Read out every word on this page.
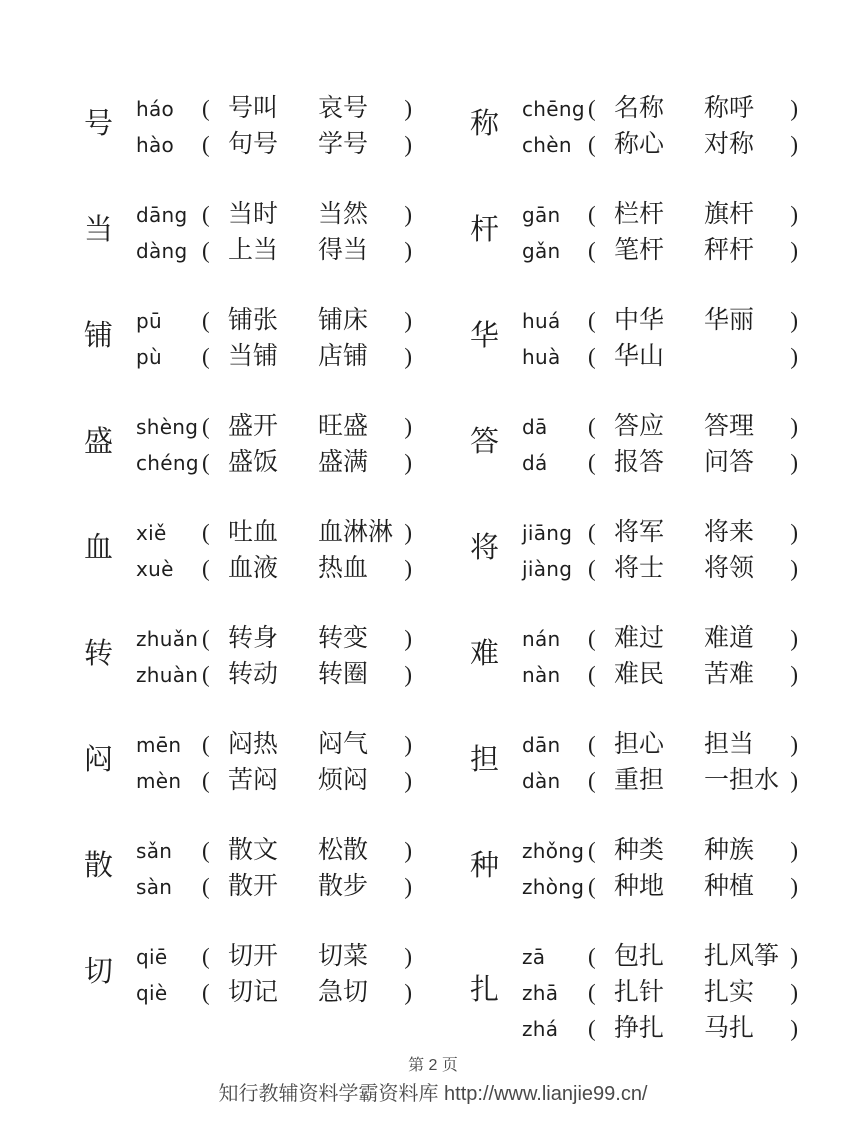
号	háo	( 号叫	哀号	)
hào	( 句号	学号	)
当	dāng ( 当时	当然	)
dàng ( 上当	得当	)
铺	pū	( 铺张	铺床	)
pù	( 当铺	店铺	)
盛	shèng ( 盛开	旺盛	)
chéng ( 盛饭	盛满	)
血	xiě	( 吐血	血淋淋 )
xuè	( 血液	热血	)
转	zhuǎn ( 转身	转变	)
zhuàn ( 转动	转圈	)
闷	mēn ( 闷热	闷气	)
mèn ( 苦闷	烦闷	)
散	sǎn	( 散文	松散	)
sàn	( 散开	散步	)
切	qiē	( 切开	切菜	)
qiè	( 切记	急切	)
称	chēng ( 名称	称呼	)
chèn ( 称心	对称	)
杆	gān	( 栏杆	旗杆	)
gǎn	( 笔杆	秤杆	)
华	huá	( 中华	华丽	)
huà	( 华山	)
答	dā	( 答应	答理	)
dá	( 报答	问答	)
将	jiāng ( 将军	将来	)
jiàng ( 将士	将领	)
难	nán	( 难过	难道	)
nàn	( 难民	苦难	)
担	dān	( 担心	担当	)
dàn	( 重担	一担水 )
种	zhǒng ( 种类	种族	)
zhòng ( 种地	种植	)
扎
zā	( 包扎	扎风筝 )
zhā	( 扎针	扎实	)
zhá	( 挣扎	马扎	)
第 2 页
知行教辅资料学霸资料库 http://www.lianjie99.cn/
